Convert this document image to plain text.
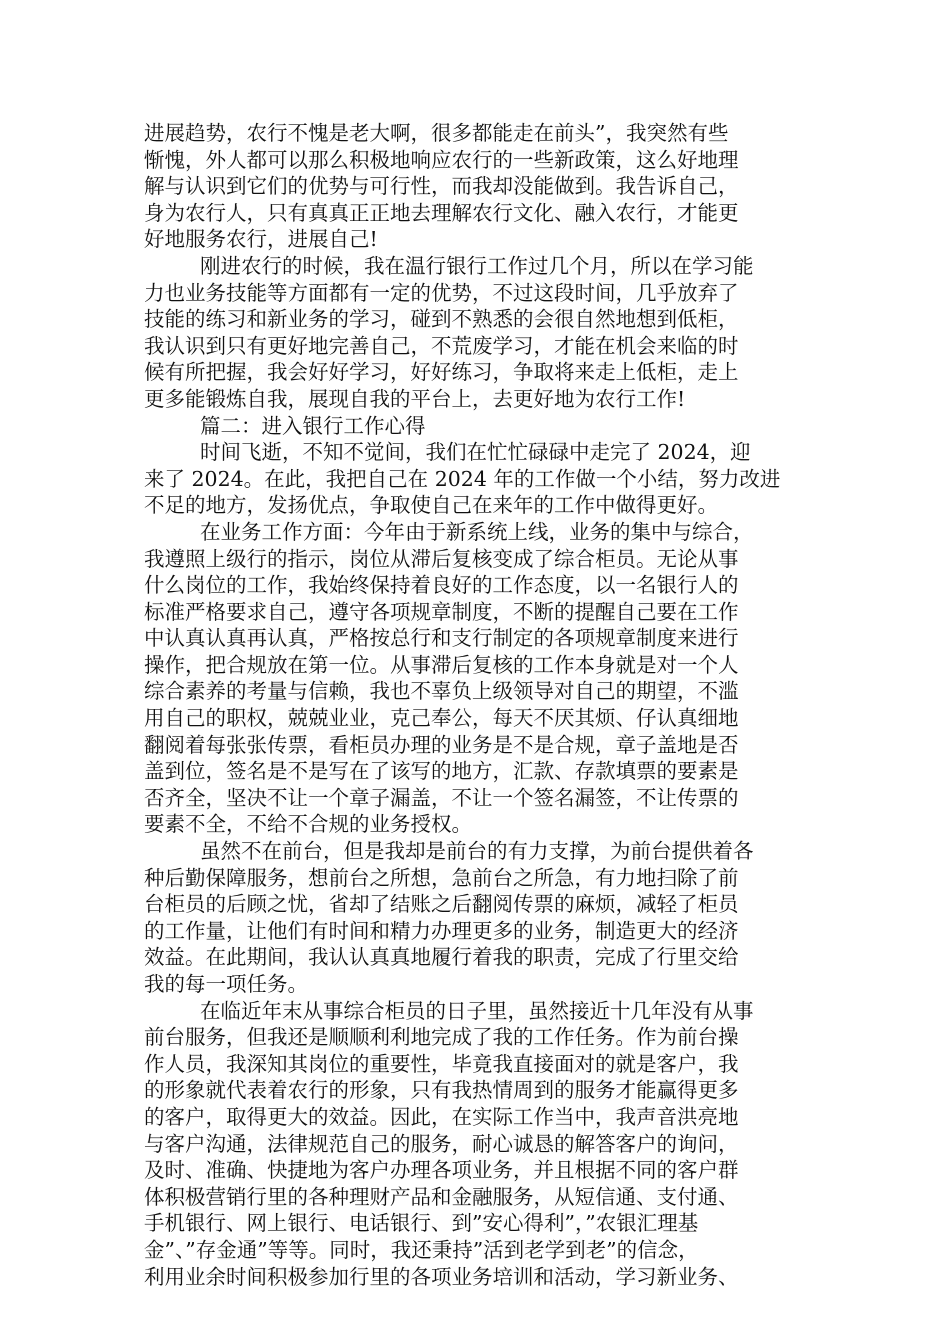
进展趋势，农行不愧是老大啊，很多都能走在前头”，我突然有些
惭愧，外人都可以那么积极地响应农行的一些新政策，这么好地理
解与认识到它们的优势与可行性，而我却没能做到。我告诉自己，
身为农行人，只有真真正正地去理解农行文化、融入农行，才能更
好地服务农行，进展自己!
刚进农行的时候，我在温行银行工作过几个月，所以在学习能
力也业务技能等方面都有一定的优势，不过这段时间，几乎放弃了
技能的练习和新业务的学习，碰到不熟悉的会很自然地想到低柜，
我认识到只有更好地完善自己，不荒废学习，才能在机会来临的时
候有所把握，我会好好学习，好好练习，争取将来走上低柜，走上
更多能锻炼自我，展现自我的平台上，去更好地为农行工作!
篇二：进入银行工作心得
时间飞逝，不知不觉间，我们在忙忙碌碌中走完了 2024，迎
来了 2024。在此，我把自己在 2024 年的工作做一个小结，努力改进
不足的地方，发扬优点，争取使自己在来年的工作中做得更好。
在业务工作方面：今年由于新系统上线，业务的集中与综合，
我遵照上级行的指示，岗位从滞后复核变成了综合柜员。无论从事
什么岗位的工作，我始终保持着良好的工作态度，以一名银行人的
标准严格要求自己，遵守各项规章制度，不断的提醒自己要在工作
中认真认真再认真，严格按总行和支行制定的各项规章制度来进行
操作，把合规放在第一位。从事滞后复核的工作本身就是对一个人
综合素养的考量与信赖，我也不辜负上级领导对自己的期望，不滥
用自己的职权，兢兢业业，克己奉公，每天不厌其烦、仔认真细地
翻阅着每张张传票，看柜员办理的业务是不是合规，章子盖地是否
盖到位，签名是不是写在了该写的地方，汇款、存款填票的要素是
否齐全，坚决不让一个章子漏盖，不让一个签名漏签，不让传票的
要素不全，不给不合规的业务授权。
虽然不在前台，但是我却是前台的有力支撑，为前台提供着各
种后勤保障服务，想前台之所想，急前台之所急，有力地扫除了前
台柜员的后顾之忧，省却了结账之后翻阅传票的麻烦，减轻了柜员
的工作量，让他们有时间和精力办理更多的业务，制造更大的经济
效益。在此期间，我认认真真地履行着我的职责，完成了行里交给
我的每一项任务。
在临近年末从事综合柜员的日子里，虽然接近十几年没有从事
前台服务，但我还是顺顺利利地完成了我的工作任务。作为前台操
作人员，我深知其岗位的重要性，毕竟我直接面对的就是客户，我
的形象就代表着农行的形象，只有我热情周到的服务才能赢得更多
的客户，取得更大的效益。因此，在实际工作当中，我声音洪亮地
与客户沟通，法律规范自己的服务，耐心诚恳的解答客户的询问，
及时、准确、快捷地为客户办理各项业务，并且根据不同的客户群
体积极营销行里的各种理财产品和金融服务，从短信通、支付通、
手机银行、网上银行、电话银行、到”安心得利”，”农银汇理基
金”、”存金通”等等。同时，我还秉持”活到老学到老”的信念，
利用业余时间积极参加行里的各项业务培训和活动，学习新业务、
